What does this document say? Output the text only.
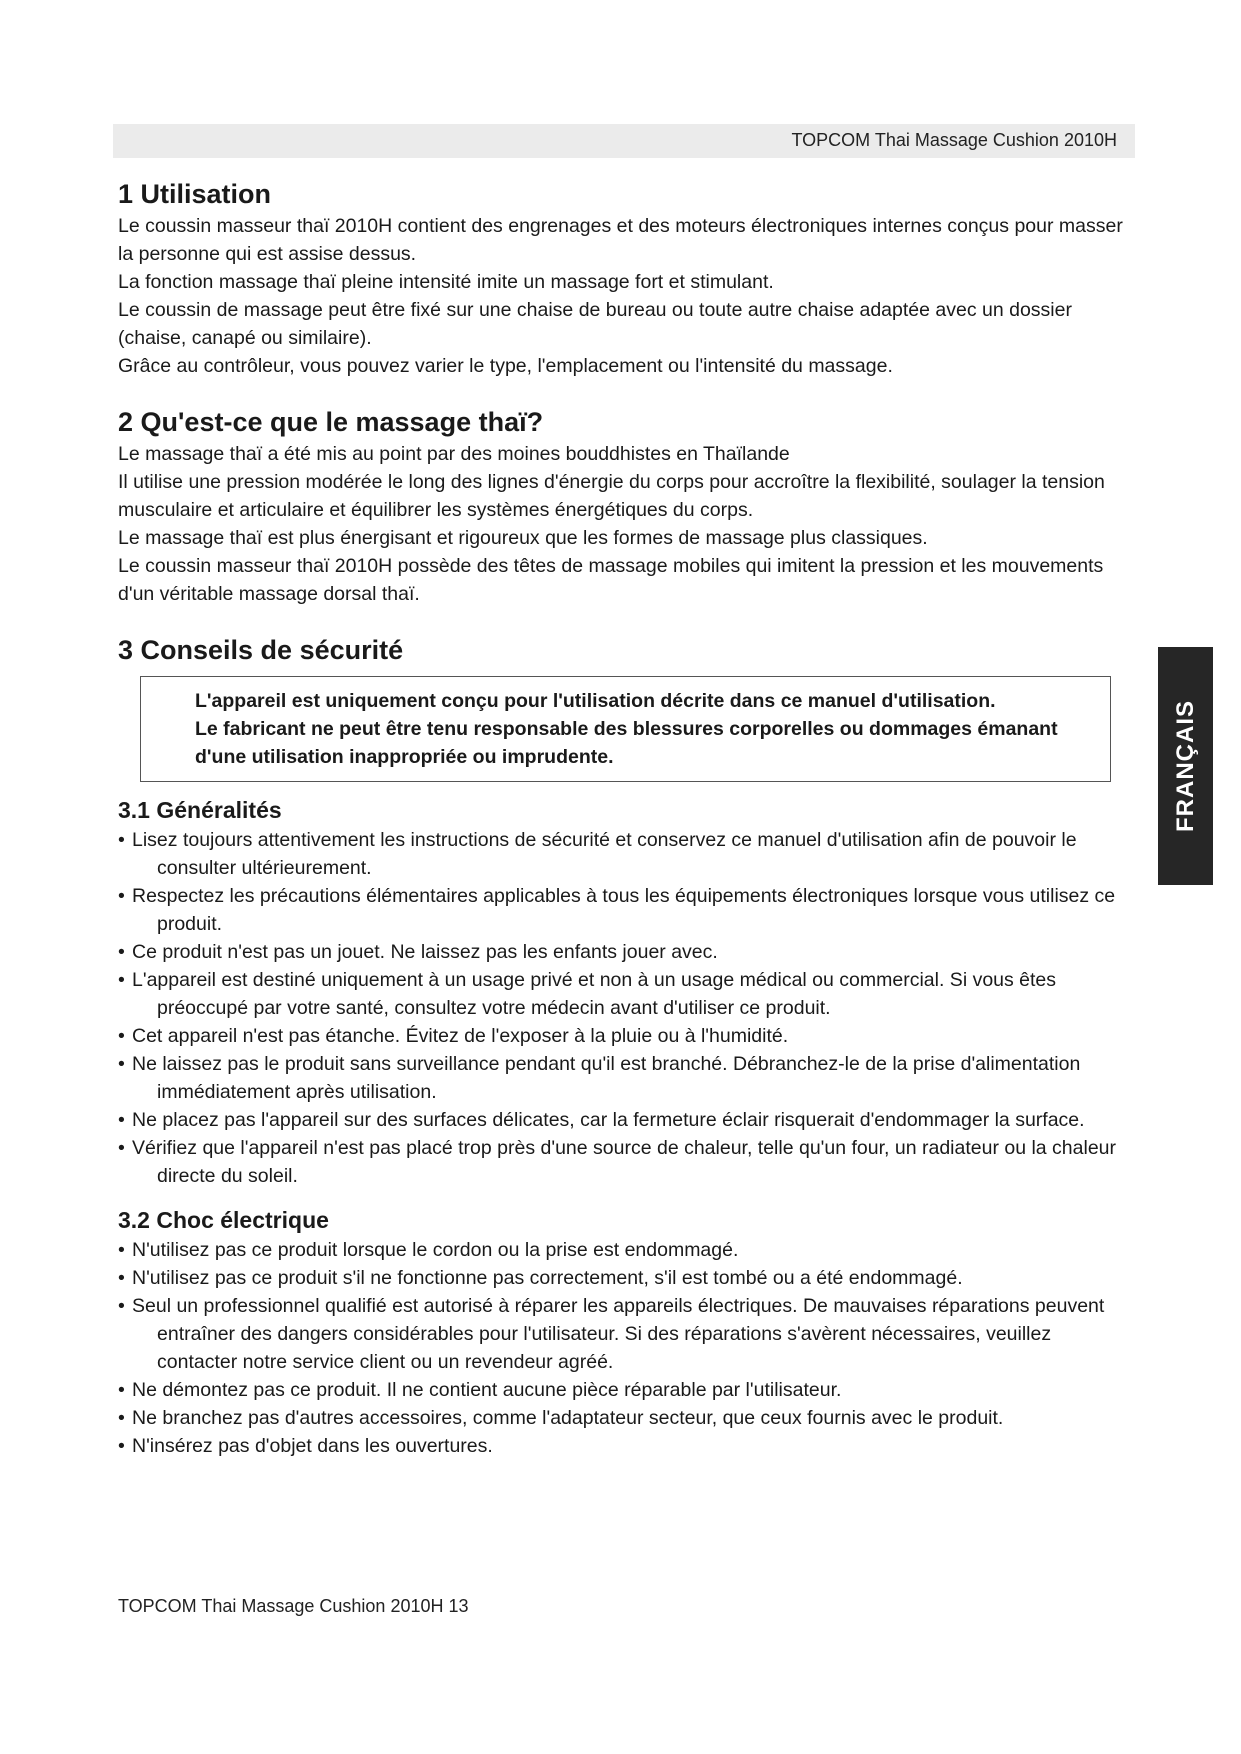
TOPCOM Thai Massage Cushion 2010H
FRANÇAIS
1 Utilisation

Le coussin masseur thaï 2010H contient des engrenages et des moteurs électroniques internes conçus pour masser la personne qui est assise dessus.

La fonction massage thaï pleine intensité imite un massage fort et stimulant.

Le coussin de massage peut être fixé sur une chaise de bureau ou toute autre chaise adaptée avec un dossier (chaise, canapé ou similaire).

Grâce au contrôleur, vous pouvez varier le type, l'emplacement ou l'intensité du massage.

2 Qu'est-ce que le massage thaï?

Le massage thaï a été mis au point par des moines bouddhistes en Thaïlande

Il utilise une pression modérée le long des lignes d'énergie du corps pour accroître la flexibilité, soulager la tension musculaire et articulaire et équilibrer les systèmes énergétiques du corps.

Le massage thaï est plus énergisant et rigoureux que les formes de massage plus classiques.

Le coussin masseur thaï 2010H possède des têtes de massage mobiles qui imitent la pression et les mouvements d'un véritable massage dorsal thaï.

3 Conseils de sécurité

L'appareil est uniquement conçu pour l'utilisation décrite dans ce manuel d'utilisation.

Le fabricant ne peut être tenu responsable des blessures corporelles ou dommages émanant d'une utilisation inappropriée ou imprudente.

3.1 Généralités
• Lisez toujours attentivement les instructions de sécurité et conservez ce manuel d'utilisation afin de pouvoir le consulter ultérieurement.
• Respectez les précautions élémentaires applicables à tous les équipements électroniques lorsque vous utilisez ce produit.
• Ce produit n'est pas un jouet. Ne laissez pas les enfants jouer avec.
• L'appareil est destiné uniquement à un usage privé et non à un usage médical ou commercial. Si vous êtes préoccupé par votre santé, consultez votre médecin avant d'utiliser ce produit.
• Cet appareil n'est pas étanche. Évitez de l'exposer à la pluie ou à l'humidité.
• Ne laissez pas le produit sans surveillance pendant qu'il est branché. Débranchez-le de la prise d'alimentation immédiatement après utilisation.
• Ne placez pas l'appareil sur des surfaces délicates, car la fermeture éclair risquerait d'endommager la surface.
• Vérifiez que l'appareil n'est pas placé trop près d'une source de chaleur, telle qu'un four, un radiateur ou la chaleur directe du soleil.
3.2 Choc électrique
• N'utilisez pas ce produit lorsque le cordon ou la prise est endommagé.
• N'utilisez pas ce produit s'il ne fonctionne pas correctement, s'il est tombé ou a été endommagé.
• Seul un professionnel qualifié est autorisé à réparer les appareils électriques. De mauvaises réparations peuvent entraîner des dangers considérables pour l'utilisateur. Si des réparations s'avèrent nécessaires, veuillez contacter notre service client ou un revendeur agréé.
• Ne démontez pas ce produit. Il ne contient aucune pièce réparable par l'utilisateur.
• Ne branchez pas d'autres accessoires, comme l'adaptateur secteur, que ceux fournis avec le produit.
• N'insérez pas d'objet dans les ouvertures.
TOPCOM Thai Massage Cushion 2010H 13
